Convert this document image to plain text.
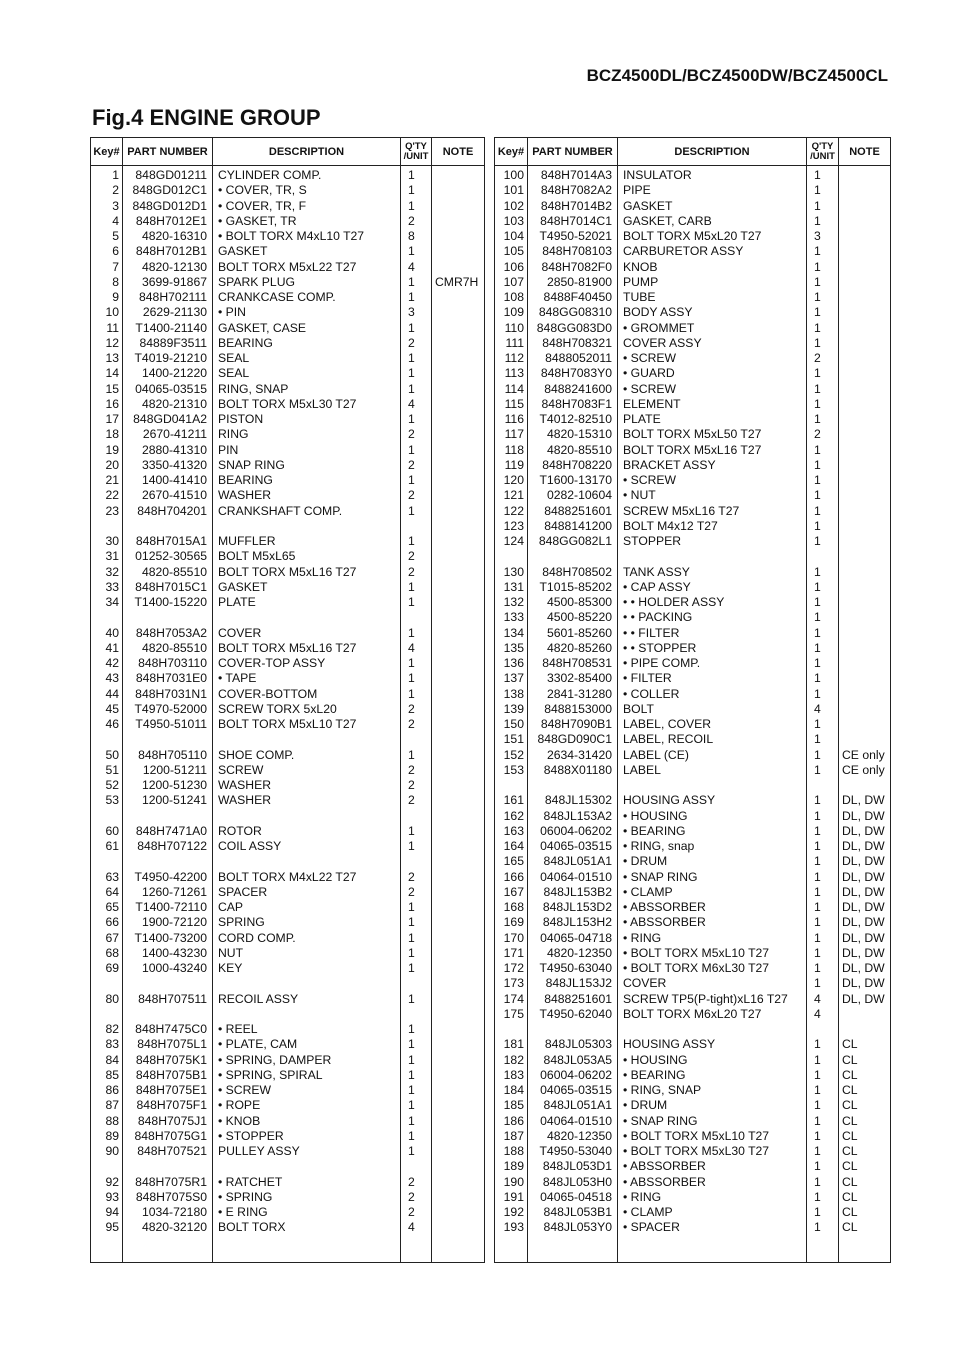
BCZ4500DL/BCZ4500DW/BCZ4500CL
Fig.4 ENGINE GROUP
Key#	PART NUMBER	DESCRIPTION	Q'TY /UNIT	NOTE
1	848GD01211	CYLINDER COMP.	1	
2	848GD012C1	• COVER, TR, S	1	
3	848GD012D1	• COVER, TR, F	1	
4	848H7012E1	• GASKET, TR	2	
5	4820-16310	• BOLT TORX M4xL10 T27	8	
6	848H7012B1	GASKET	1	
7	4820-12130	BOLT TORX M5xL22 T27	4	
8	3699-91867	SPARK PLUG	1	CMR7H
9	848H702111	CRANKCASE COMP.	1	
10	2629-21130	• PIN	3	
11	T1400-21140	GASKET, CASE	1	
12	84889F3511	BEARING	2	
13	T4019-21210	SEAL	1	
14	1400-21220	SEAL	1	
15	04065-03515	RING, SNAP	1	
16	4820-21310	BOLT TORX M5xL30 T27	4	
17	848GD041A2	PISTON	1	
18	2670-41211	RING	2	
19	2880-41310	PIN	1	
20	3350-41320	SNAP RING	2	
21	1400-41410	BEARING	1	
22	2670-41510	WASHER	2	
23	848H704201	CRANKSHAFT COMP.	1	

30	848H7015A1	MUFFLER	1	
31	01252-30565	BOLT M5xL65	2	
32	4820-85510	BOLT TORX M5xL16 T27	2	
33	848H7015C1	GASKET	1	
34	T1400-15220	PLATE	1	

40	848H7053A2	COVER	1	
41	4820-85510	BOLT TORX M5xL16 T27	4	
42	848H703110	COVER-TOP ASSY	1	
43	848H7031E0	• TAPE	1	
44	848H7031N1	COVER-BOTTOM	1	
45	T4970-52000	SCREW TORX 5xL20	2	
46	T4950-51011	BOLT TORX M5xL10 T27	2	

50	848H705110	SHOE COMP.	1	
51	1200-51211	SCREW	2	
52	1200-51230	WASHER	2	
53	1200-51241	WASHER	2	

60	848H7471A0	ROTOR	1	
61	848H707122	COIL ASSY	1	

63	T4950-42200	BOLT TORX M4xL22 T27	2	
64	1260-71261	SPACER	2	
65	T1400-72110	CAP	1	
66	1900-72120	SPRING	1	
67	T1400-73200	CORD COMP.	1	
68	1400-43230	NUT	1	
69	1000-43240	KEY	1	

80	848H707511	RECOIL ASSY	1	

82	848H7475C0	• REEL	1	
83	848H7075L1	• PLATE, CAM	1	
84	848H7075K1	• SPRING, DAMPER	1	
85	848H7075B1	• SPRING, SPIRAL	1	
86	848H7075E1	• SCREW	1	
87	848H7075F1	• ROPE	1	
88	848H7075J1	• KNOB	1	
89	848H7075G1	• STOPPER	1	
90	848H707521	PULLEY ASSY	1	

92	848H7075R1	• RATCHET	2	
93	848H7075S0	• SPRING	2	
94	1034-72180	• E RING	2	
95	4820-32120	BOLT TORX	4	

Key#	PART NUMBER	DESCRIPTION	Q'TY /UNIT	NOTE
100	848H7014A3	INSULATOR	1	
101	848H7082A2	PIPE	1	
102	848H7014B2	GASKET	1	
103	848H7014C1	GASKET, CARB	1	
104	T4950-52021	BOLT TORX M5xL20 T27	3	
105	848H708103	CARBURETOR ASSY	1	
106	848H7082F0	KNOB	1	
107	2850-81900	PUMP	1	
108	8488F40450	TUBE	1	
109	848GG08310	BODY ASSY	1	
110	848GG083D0	• GROMMET	1	
111	848H708321	COVER ASSY	1	
112	8488052011	• SCREW	2	
113	848H7083Y0	• GUARD	1	
114	8488241600	• SCREW	1	
115	848H7083F1	ELEMENT	1	
116	T4012-82510	PLATE	1	
117	4820-15310	BOLT TORX M5xL50 T27	2	
118	4820-85510	BOLT TORX M5xL16 T27	1	
119	848H708220	BRACKET ASSY	1	
120	T1600-13170	• SCREW	1	
121	0282-10604	• NUT	1	
122	8488251601	SCREW M5xL16 T27	1	
123	8488141200	BOLT M4x12 T27	1	
124	848GG082L1	STOPPER	1	

130	848H708502	TANK ASSY	1	
131	T1015-85202	• CAP ASSY	1	
132	4500-85300	• • HOLDER ASSY	1	
133	4500-85220	• • PACKING	1	
134	5601-85260	• • FILTER	1	
135	4820-85260	• • STOPPER	1	
136	848H708531	• PIPE COMP.	1	
137	3302-85400	• FILTER	1	
138	2841-31280	• COLLER	1	
139	8488153000	BOLT	4	
150	848H7090B1	LABEL, COVER	1	
151	848GD090C1	LABEL, RECOIL	1	
152	2634-31420	LABEL (CE)	1	CE only
153	8488X01180	LABEL	1	CE only

161	848JL15302	HOUSING ASSY	1	DL, DW
162	848JL153A2	• HOUSING	1	DL, DW
163	06004-06202	• BEARING	1	DL, DW
164	04065-03515	• RING, snap	1	DL, DW
165	848JL051A1	• DRUM	1	DL, DW
166	04064-01510	• SNAP RING	1	DL, DW
167	848JL153B2	• CLAMP	1	DL, DW
168	848JL153D2	• ABSSORBER	1	DL, DW
169	848JL153H2	• ABSSORBER	1	DL, DW
170	04065-04718	• RING	1	DL, DW
171	4820-12350	• BOLT TORX M5xL10 T27	1	DL, DW
172	T4950-63040	• BOLT TORX M6xL30 T27	1	DL, DW
173	848JL153J2	COVER	1	DL, DW
174	8488251601	SCREW TP5(P-tight)xL16 T27	4	DL, DW
175	T4950-62040	BOLT TORX M6xL20 T27	4	

181	848JL05303	HOUSING ASSY	1	CL
182	848JL053A5	• HOUSING	1	CL
183	06004-06202	• BEARING	1	CL
184	04065-03515	• RING, SNAP	1	CL
185	848JL051A1	• DRUM	1	CL
186	04064-01510	• SNAP RING	1	CL
187	4820-12350	• BOLT TORX M5xL10 T27	1	CL
188	T4950-53040	• BOLT TORX M5xL30 T27	1	CL
189	848JL053D1	• ABSSORBER	1	CL
190	848JL053H0	• ABSSORBER	1	CL
191	04065-04518	• RING	1	CL
192	848JL053B1	• CLAMP	1	CL
193	848JL053Y0	• SPACER	1	CL
